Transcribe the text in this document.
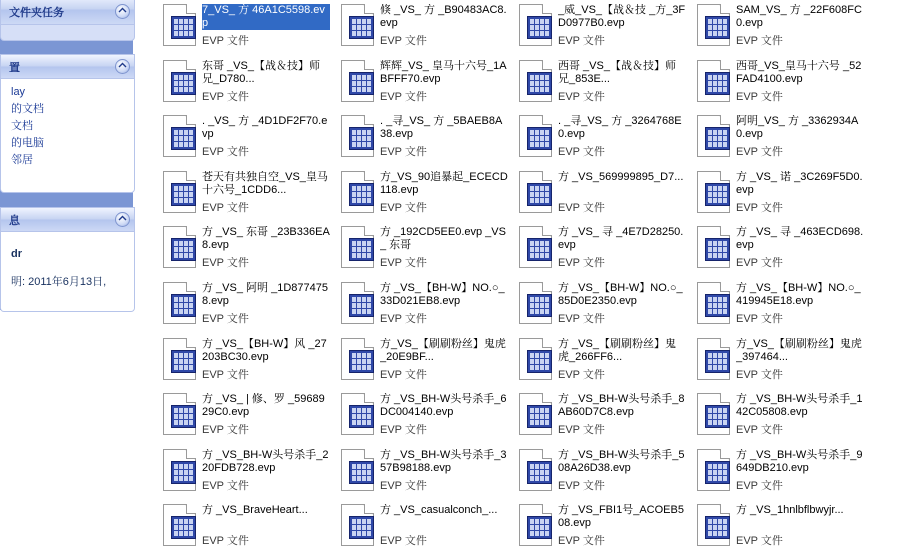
文件夹任务
置
lay
的文档
文档
的电脑
邻居
息
dr
明: 2011年6月13日,
7_VS_ 方 46A1C5598.evp
EVP 文件
倏 _VS_ 方 _B90483AC8.evp
EVP 文件
_威_VS_【战＆技 _方_3FD0977B0.evp
EVP 文件
SAM_VS_ 方 _22F608FC0.evp
EVP 文件
东哥 _VS_【战＆技】师兄_D780...
EVP 文件
辉辉_VS_ 皇马十六号_1ABFFF70.evp
EVP 文件
西哥 _VS_【战＆技】师兄_853E...
EVP 文件
西哥_VS_皇马十六号 _52FAD4100.evp
EVP 文件
. _VS_ 方 _4D1DF2F70.evp
EVP 文件
. _寻_VS_ 方 _5BAEB8A38.evp
EVP 文件
. _寻_VS_ 方 _3264768E0.evp
EVP 文件
阿明_VS_ 方 _3362934A0.evp
EVP 文件
苍天有共独自空_VS_皇马十六号_1CDD6...
EVP 文件
方_VS_90追暴起_ECECD118.evp
EVP 文件
方 _VS_569999895_D7...
EVP 文件
方 _VS_ 诺 _3C269F5D0.evp
EVP 文件
方 _VS_ 东哥 _23B336EA8.evp
EVP 文件
方 _192CD5EE0.evp _VS_ 东哥
EVP 文件
方 _VS_ 寻 _4E7D28250.evp
EVP 文件
方 _VS_ 寻 _463ECD698.evp
EVP 文件
方 _VS_ 阿明 _1D8774758.evp
EVP 文件
方 _VS_【BH-W】NO.○_33D021EB8.evp
EVP 文件
方 _VS_【BH-W】NO.○_85D0E2350.evp
EVP 文件
方 _VS_【BH-W】NO.○_419945E18.evp
EVP 文件
方 _VS_【BH-W】风 _27203BC30.evp
EVP 文件
方_VS_【刷刷粉丝】鬼虎_20E9BF...
EVP 文件
方 _VS_【刷刷粉丝】鬼虎_266FF6...
EVP 文件
方_VS_【刷刷粉丝】鬼虎_397464...
EVP 文件
方 _VS_ | 修、罗 _5968929C0.evp
EVP 文件
方 _VS_BH-W头号杀手_6DC004140.evp
EVP 文件
方 _VS_BH-W头号杀手_8AB60D7C8.evp
EVP 文件
方 _VS_BH-W头号杀手_142C05808.evp
EVP 文件
方 _VS_BH-W头号杀手_220FDB728.evp
EVP 文件
方 _VS_BH-W头号杀手_357B98188.evp
EVP 文件
方 _VS_BH-W头号杀手_508A26D38.evp
EVP 文件
方 _VS_BH-W头号杀手_9649DB210.evp
EVP 文件
方 _VS_BraveHeart...
EVP 文件
方 _VS_casualconch_...
EVP 文件
方 _VS_FBI1号_ACOEB508.evp
EVP 文件
方 _VS_1hnlbflbwyjr...
EVP 文件
